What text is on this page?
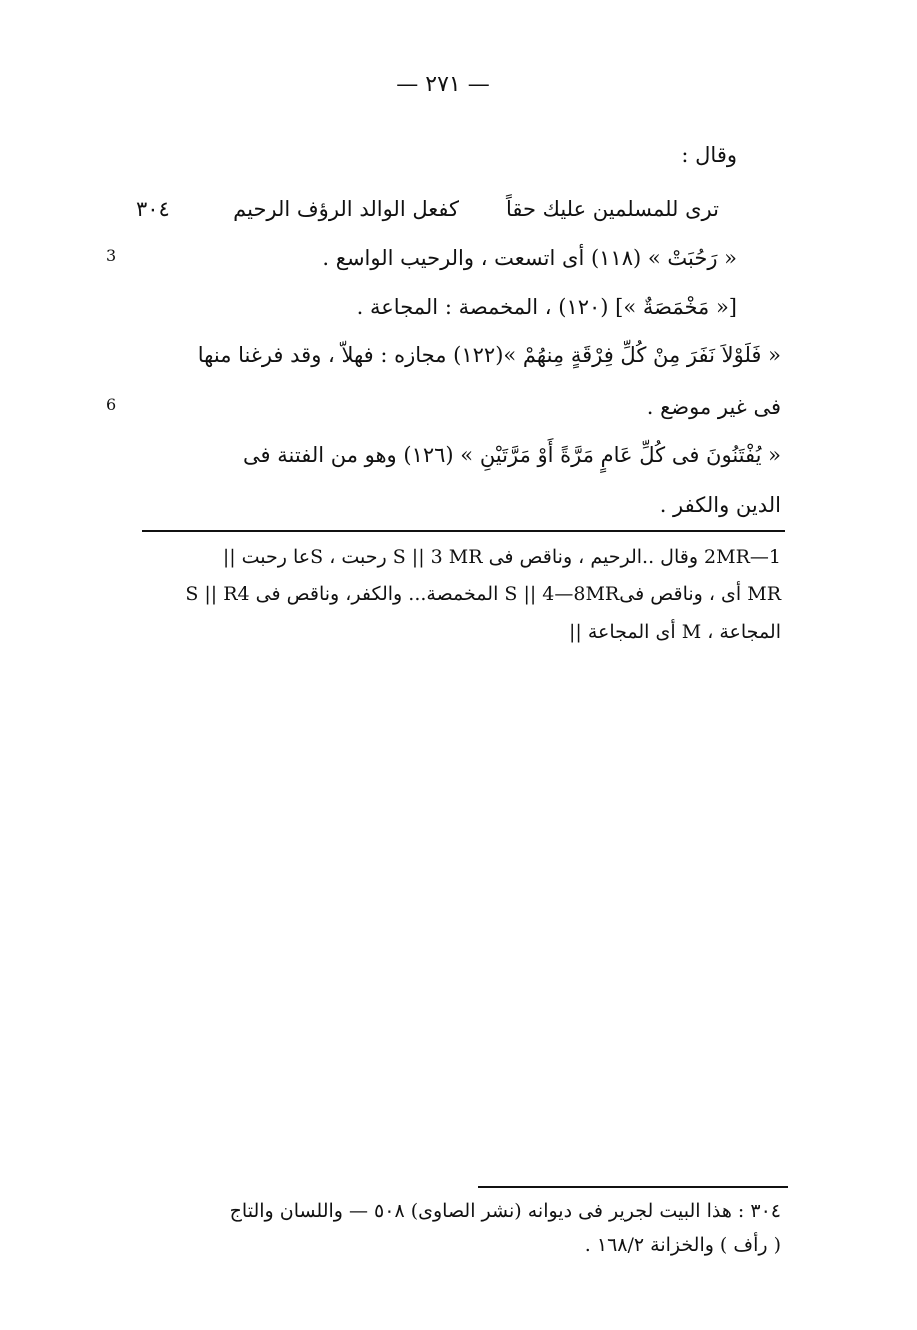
— ٢٧١ —
وقال :
ترى للمسلمين عليك حقاً
كفعل الوالد الرؤف الرحيم
٣٠٤
« رَحُبَتْ » (١١٨) أى اتسعت ، والرحيب الواسع .
[« مَخْمَصَةٌ »] (١٢٠) ، المخمصة : المجاعة .
« فَلَوْلاَ نَفَرَ مِنْ كُلِّ فِرْقَةٍ مِنهُمْ »(١٢٢) مجازه : فهلاّ ، وقد فرغنا منها
فى غير موضع .
« يُفْتَنُونَ فى كُلِّ عَامٍ مَرَّةً أَوْ مَرَّتَيْنِ » (١٢٦) وهو من الفتنة فى
الدين والكفر .
3
6
1—2MR وقال ..الرحيم ، وناقص فى S || 3 MR رحبت ، Sعا رحبت ||
MR أى ، وناقص فىS || 4—8MR المخمصة... والكفر، وناقص فى S || R4
المجاعة ، M أى المجاعة ||
٣٠٤ : هذا البيت لجرير فى ديوانه (نشر الصاوى) ٥٠٨ — واللسان والتاج
( رأف ) والخزانة ١٦٨/٢ .
